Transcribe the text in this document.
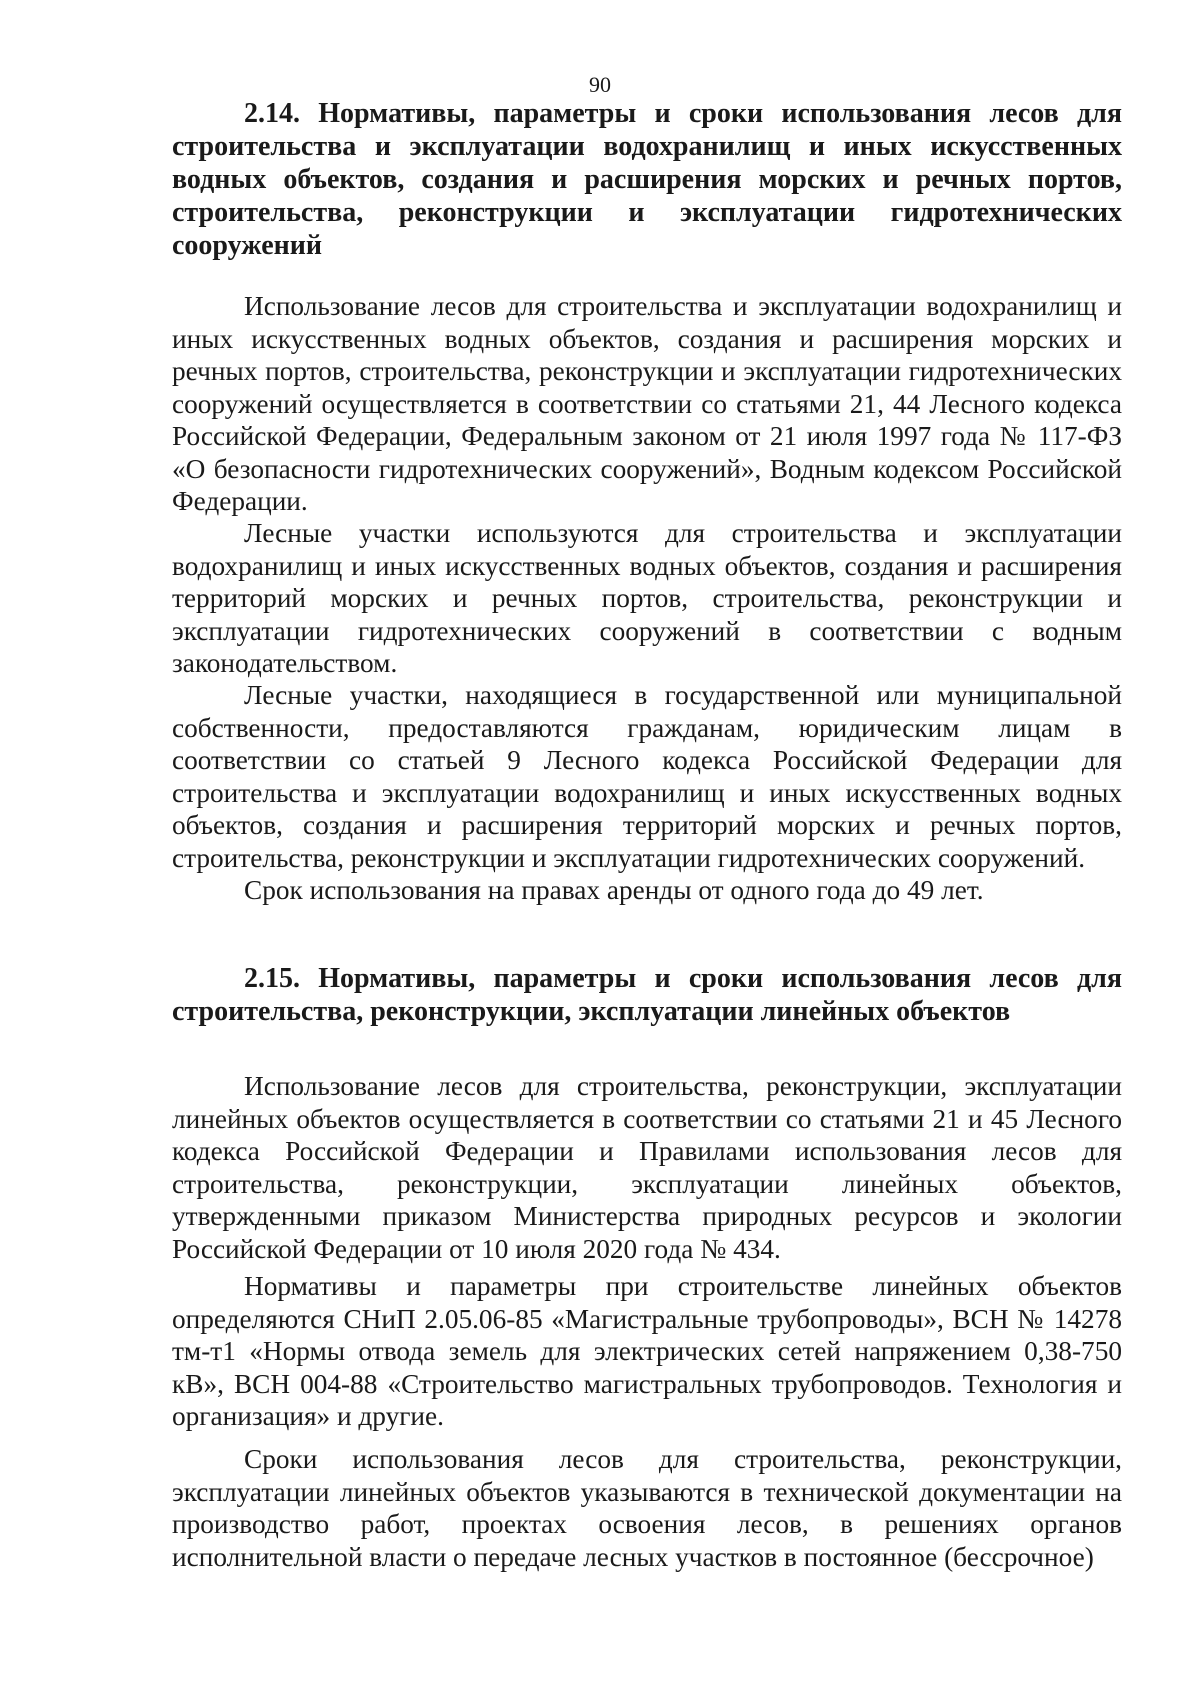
90

2.14. Нормативы, параметры и сроки использования лесов для строительства и эксплуатации водохранилищ и иных искусственных водных объектов, создания и расширения морских и речных портов, строительства, реконструкции и эксплуатации гидротехнических сооружений

Использование лесов для строительства и эксплуатации водохранилищ и иных искусственных водных объектов, создания и расширения морских и речных портов, строительства, реконструкции и эксплуатации гидротехнических сооружений осуществляется в соответствии со статьями 21, 44 Лесного кодекса Российской Федерации, Федеральным законом от 21 июля 1997 года № 117-ФЗ «О безопасности гидротехнических сооружений», Водным кодексом Российской Федерации.

Лесные участки используются для строительства и эксплуатации водохранилищ и иных искусственных водных объектов, создания и расширения территорий морских и речных портов, строительства, реконструкции и эксплуатации гидротехнических сооружений в соответствии с водным законодательством.

Лесные участки, находящиеся в государственной или муниципальной собственности, предоставляются гражданам, юридическим лицам в соответствии со статьей 9 Лесного кодекса Российской Федерации для строительства и эксплуатации водохранилищ и иных искусственных водных объектов, создания и расширения территорий морских и речных портов, строительства, реконструкции и эксплуатации гидротехнических сооружений.

Срок использования на правах аренды от одного года до 49 лет.

2.15. Нормативы, параметры и сроки использования лесов для строительства, реконструкции, эксплуатации линейных объектов

Использование лесов для строительства, реконструкции, эксплуатации линейных объектов осуществляется в соответствии со статьями 21 и 45 Лесного кодекса Российской Федерации и Правилами использования лесов для строительства, реконструкции, эксплуатации линейных объектов, утвержденными приказом Министерства природных ресурсов и экологии Российской Федерации от 10 июля 2020 года № 434.

Нормативы и параметры при строительстве линейных объектов определяются СНиП 2.05.06-85 «Магистральные трубопроводы», ВСН № 14278 тм-т1 «Нормы отвода земель для электрических сетей напряжением 0,38-750 кВ», ВСН 004-88 «Строительство магистральных трубопроводов. Технология и организация» и другие.

Сроки использования лесов для строительства, реконструкции, эксплуатации линейных объектов указываются в технической документации на производство работ, проектах освоения лесов, в решениях органов исполнительной власти о передаче лесных участков в постоянное (бессрочное)
